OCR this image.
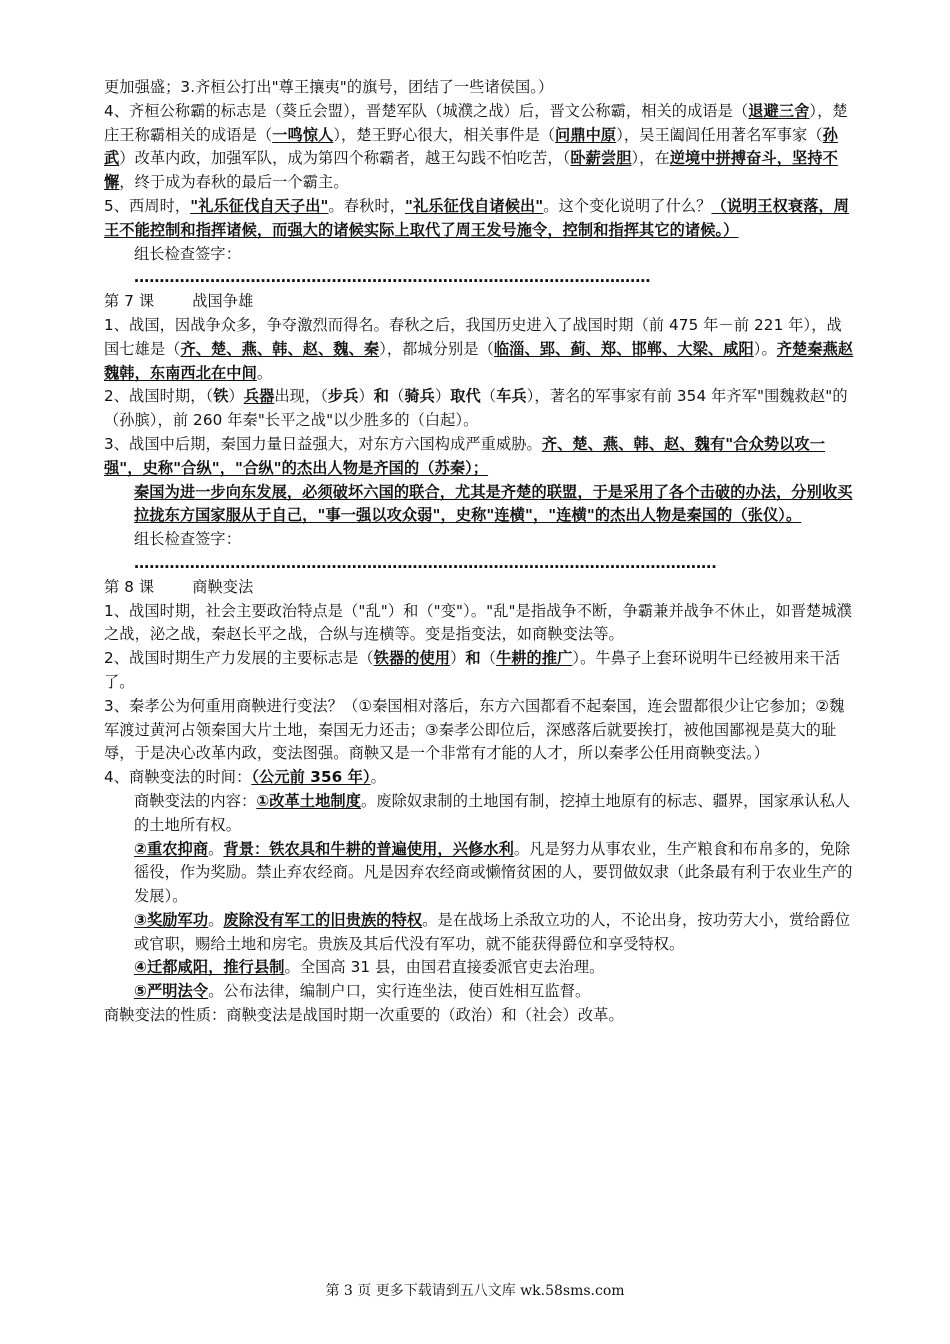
更加强盛；3.齐桓公打出"尊王攘夷"的旗号，团结了一些诸侯国。）

4、齐桓公称霸的标志是（葵丘会盟），晋楚军队（城濮之战）后，晋文公称霸，相关的成语是（退避三舍），楚庄王称霸相关的成语是（一鸣惊人），楚王野心很大，相关事件是（问鼎中原），吴王阖闾任用著名军事家（孙武）改革内政，加强军队，成为第四个称霸者，越王勾践不怕吃苦，（卧薪尝胆），在逆境中拼搏奋斗，坚持不懈，终于成为春秋的最后一个霸主。

5、西周时，"礼乐征伐自天子出"。春秋时，"礼乐征伐自诸候出"。这个变化说明了什么？（说明王权衰落，周王不能控制和指挥诸候，而强大的诸候实际上取代了周王发号施令，控制和指挥其它的诸候。）

组长检查签字：

…………………………………………………………………………………………

第 7 课	战国争雄

1、战国，因战争众多，争夺激烈而得名。春秋之后，我国历史进入了战国时期（前 475 年－前 221 年），战国七雄是（齐、楚、燕、韩、赵、魏、秦），都城分别是（临淄、郢、蓟、郑、邯郸、大梁、咸阳）。齐楚秦燕赵魏韩，东南西北在中间。

2、战国时期，（铁）兵器出现，（步兵）和（骑兵）取代（车兵），著名的军事家有前 354 年齐军"围魏救赵"的（孙膑），前 260 年秦"长平之战"以少胜多的（白起）。

3、战国中后期，秦国力量日益强大，对东方六国构成严重威胁。齐、楚、燕、韩、赵、魏有"合众势以攻一强"，史称"合纵"，"合纵"的杰出人物是齐国的（苏秦）；

秦国为进一步向东发展，必须破坏六国的联合，尤其是齐楚的联盟，于是采用了各个击破的办法，分别收买拉拢东方国家服从于自己，"事一强以攻众弱"，史称"连横"，"连横"的杰出人物是秦国的（张仪）。

组长检查签字：

…………………………………………………………………………………………………….

第 8 课	商鞅变法

1、战国时期，社会主要政治特点是（"乱"）和（"变"）。"乱"是指战争不断，争霸兼并战争不休止，如晋楚城濮之战，泌之战，秦赵长平之战，合纵与连横等。变是指变法，如商鞅变法等。

2、战国时期生产力发展的主要标志是（铁器的使用）和（牛耕的推广）。牛鼻子上套环说明牛已经被用来干活了。

3、秦孝公为何重用商鞅进行变法？（①秦国相对落后，东方六国都看不起秦国，连会盟都很少让它参加；②魏军渡过黄河占领秦国大片土地，秦国无力还击；③秦孝公即位后，深感落后就要挨打，被他国鄙视是莫大的耻辱，于是决心改革内政，变法图强。商鞅又是一个非常有才能的人才，所以秦孝公任用商鞅变法。）

4、商鞅变法的时间：（公元前 356 年）。

商鞅变法的内容：①改革土地制度。废除奴隶制的土地国有制，挖掉土地原有的标志、疆界，国家承认私人的土地所有权。

②重农抑商。背景：铁农具和牛耕的普遍使用，兴修水利。凡是努力从事农业，生产粮食和布帛多的，免除徭役，作为奖励。禁止弃农经商。凡是因弃农经商或懒惰贫困的人，要罚做奴隶（此条最有利于农业生产的发展）。

③奖励军功。废除没有军工的旧贵族的特权。是在战场上杀敌立功的人，不论出身，按功劳大小，赏给爵位或官职，赐给土地和房宅。贵族及其后代没有军功，就不能获得爵位和享受特权。

④迁都咸阳，推行县制。全国高 31 县，由国君直接委派官吏去治理。

⑤严明法令。公布法律，编制户口，实行连坐法，使百姓相互监督。

商鞅变法的性质：商鞅变法是战国时期一次重要的（政治）和（社会）改革。

第 3 页 更多下载请到五八文库 wk.58sms.com
